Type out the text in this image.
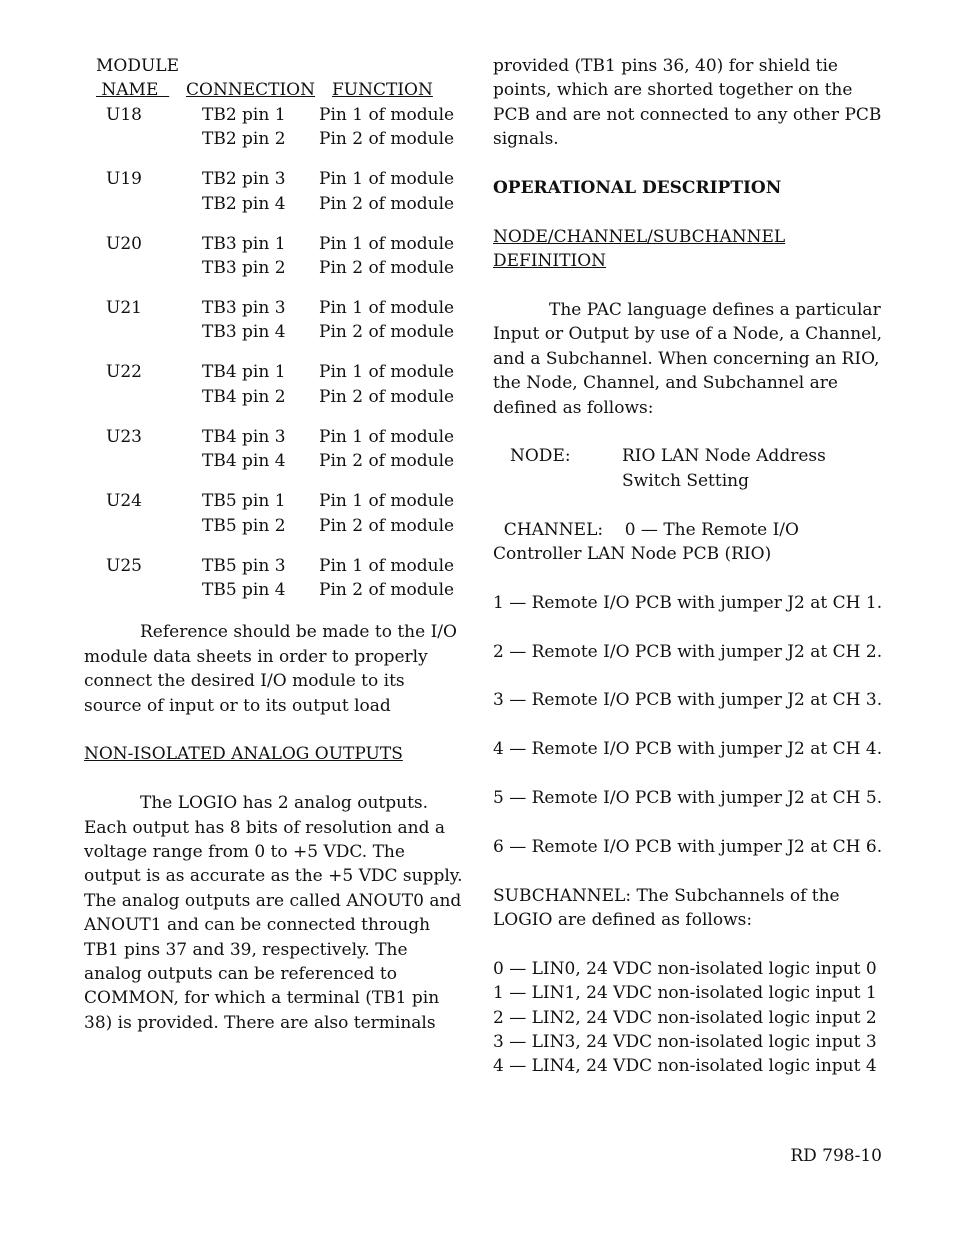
MODULE
NAME CONNECTION FUNCTION
U18	TB2 pin 1 Pin 1 of module
TB2 pin 2 Pin 2 of module
U19	TB2 pin 3 Pin 1 of module
TB2 pin 4 Pin 2 of module
U20	TB3 pin 1 Pin 1 of module
TB3 pin 2 Pin 2 of module
U21	TB3 pin 3 Pin 1 of module
TB3 pin 4 Pin 2 of module
U22	TB4 pin 1 Pin 1 of module
TB4 pin 2 Pin 2 of module
U23	TB4 pin 3 Pin 1 of module
TB4 pin 4 Pin 2 of module
U24	TB5 pin 1 Pin 1 of module
TB5 pin 2 Pin 2 of module
U25	TB5 pin 3 Pin 1 of module
TB5 pin 4 Pin 2 of module

Reference should be made to the I/O module data sheets in order to properly connect the desired I/O module to its source of input or to its output load

NON-ISOLATED ANALOG OUTPUTS

The LOGIO has 2 analog outputs. Each output has 8 bits of resolution and a voltage range from 0 to +5 VDC. The output is as accurate as the +5 VDC supply. The analog outputs are called ANOUT0 and ANOUT1 and can be connected through TB1 pins 37 and 39, respectively. The analog outputs can be referenced to COMMON, for which a terminal (TB1 pin 38) is provided. There are also terminals

provided (TB1 pins 36, 40) for shield tie points, which are shorted together on the PCB and are not connected to any other PCB signals.

OPERATIONAL DESCRIPTION

NODE/CHANNEL/SUBCHANNEL

DEFINITION

The PAC language defines a particular Input or Output by use of a Node, a Channel, and a Subchannel. When concerning an RIO, the Node, Channel, and Subchannel are defined as follows:

NODE:	RIO LAN Node Address
Switch Setting

CHANNEL:    0 — The Remote I/O

Controller LAN Node PCB (RIO)

1 — Remote I/O PCB with jumper J2 at CH 1.

2 — Remote I/O PCB with jumper J2 at CH 2.

3 — Remote I/O PCB with jumper J2 at CH 3.

4 — Remote I/O PCB with jumper J2 at CH 4.

5 — Remote I/O PCB with jumper J2 at CH 5.

6 — Remote I/O PCB with jumper J2 at CH 6.

SUBCHANNEL: The Subchannels of the LOGIO are defined as follows:

0 — LIN0, 24 VDC non-isolated logic input 0

1 — LIN1, 24 VDC non-isolated logic input 1

2 — LIN2, 24 VDC non-isolated logic input 2

3 — LIN3, 24 VDC non-isolated logic input 3

4 — LIN4, 24 VDC non-isolated logic input 4

RD 798-10
